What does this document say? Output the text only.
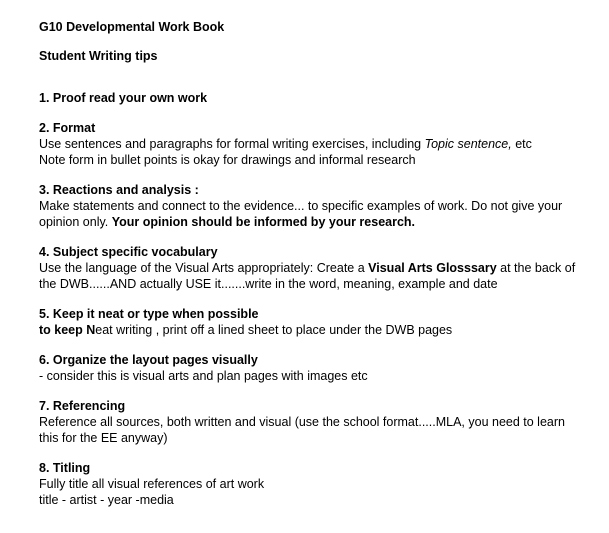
G10 Developmental Work Book

Student Writing tips

1. Proof read your own work
2. Format
Use sentences and paragraphs for formal writing exercises, including Topic sentence, etc
Note form in bullet points is okay for drawings and informal research
3. Reactions and analysis :
Make statements and connect to the evidence... to specific examples of work. Do not give your opinion only. Your opinion should be informed by your research.
4. Subject specific vocabulary
Use the language of the Visual Arts appropriately: Create a Visual Arts Glosssary at the back of the DWB......AND actually USE it.......write in the word, meaning, example and date
5. Keep it neat or type when possible
to keep Neat writing , print off a lined sheet to place under the DWB pages
6. Organize the layout pages visually
- consider this is visual arts and plan pages with images etc
7. Referencing
Reference all sources, both written and visual (use the school format.....MLA, you need to learn this for the EE anyway)
8. Titling
Fully title all visual references of art work
title - artist - year -media
